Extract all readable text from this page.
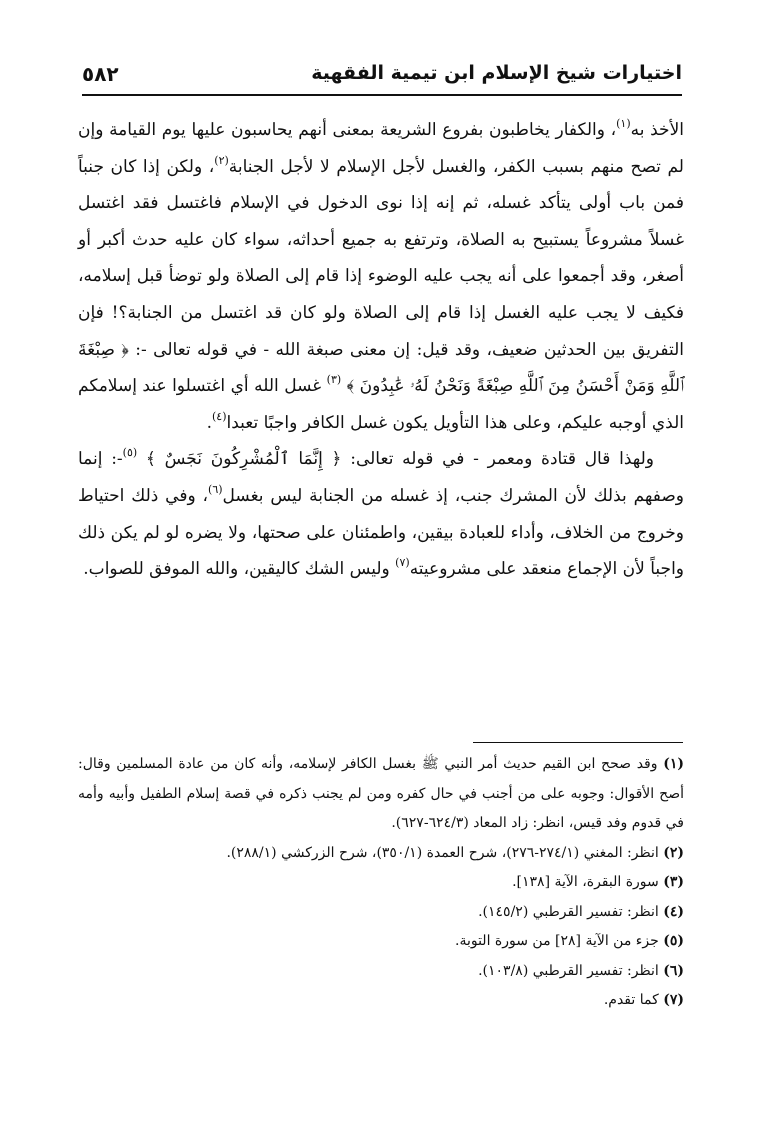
اختيارات شيخ الإسلام ابن تيمية الفقهية
٥٨٢

الأخذ به$^{(١)}$، والكفار يخاطبون بفروع الشريعة بمعنى أنهم يحاسبون عليها يوم القيامة وإن لم تصح منهم بسبب الكفر، والغسل لأجل الإسلام لا لأجل الجنابة$^{(٢)}$، ولكن إذا كان جنباً فمن باب أولى يتأكد غسله، ثم إنه إذا نوى الدخول في الإسلام فاغتسل فقد اغتسل غسلاً مشروعاً يستبيح به الصلاة، وترتفع به جميع أحداثه، سواء كان عليه حدث أكبر أو أصغر، وقد أجمعوا على أنه يجب عليه الوضوء إذا قام إلى الصلاة ولو توضأ قبل إسلامه، فكيف لا يجب عليه الغسل إذا قام إلى الصلاة ولو كان قد اغتسل من الجنابة؟! فإن التفريق بين الحدثين ضعيف، وقد قيل: إن معنى صبغة الله - في قوله تعالى -: ﴿ صِبْغَةَ ٱللَّهِ وَمَنْ أَحْسَنُ مِنَ ٱللَّهِ صِبْغَةً وَنَحْنُ لَهُۥ عَٰبِدُونَ ﴾ $^{(٣)}$ غسل الله أي اغتسلوا عند إسلامكم الذي أوجبه عليكم، وعلى هذا التأويل يكون غسل الكافر واجبًا تعبدا$^{(٤)}$.

ولهذا قال قتادة ومعمر - في قوله تعالى: ﴿ إِنَّمَا ٱلْمُشْرِكُونَ نَجَسٌ ﴾ $^{(٥)}$-: إنما وصفهم بذلك لأن المشرك جنب، إذ غسله من الجنابة ليس بغسل$^{(٦)}$، وفي ذلك احتياط وخروج من الخلاف، وأداء للعبادة بيقين، واطمئنان على صحتها، ولا يضره لو لم يكن ذلك واجباً لأن الإجماع منعقد على مشروعيته$^{(٧)}$ وليس الشك كاليقين، والله الموفق للصواب.

(١) وقد صحح ابن القيم حديث أمر النبي ﷺ بغسل الكافر لإسلامه، وأنه كان من عادة المسلمين وقال: أصح الأقوال: وجوبه على من أجنب في حال كفره ومن لم يجنب ذكره في قصة إسلام الطفيل وأبيه وأمه في قدوم وفد قيس، انظر: زاد المعاد (٦٢٤/٣-٦٢٧).

(٢) انظر: المغني (٢٧٤/١-٢٧٦)، شرح العمدة (٣٥٠/١)، شرح الزركشي (٢٨٨/١).

(٣) سورة البقرة، الآية [١٣٨].

(٤) انظر: تفسير القرطبي (١٤٥/٢).

(٥) جزء من الآية [٢٨] من سورة التوبة.

(٦) انظر: تفسير القرطبي (١٠٣/٨).

(٧) كما تقدم.
